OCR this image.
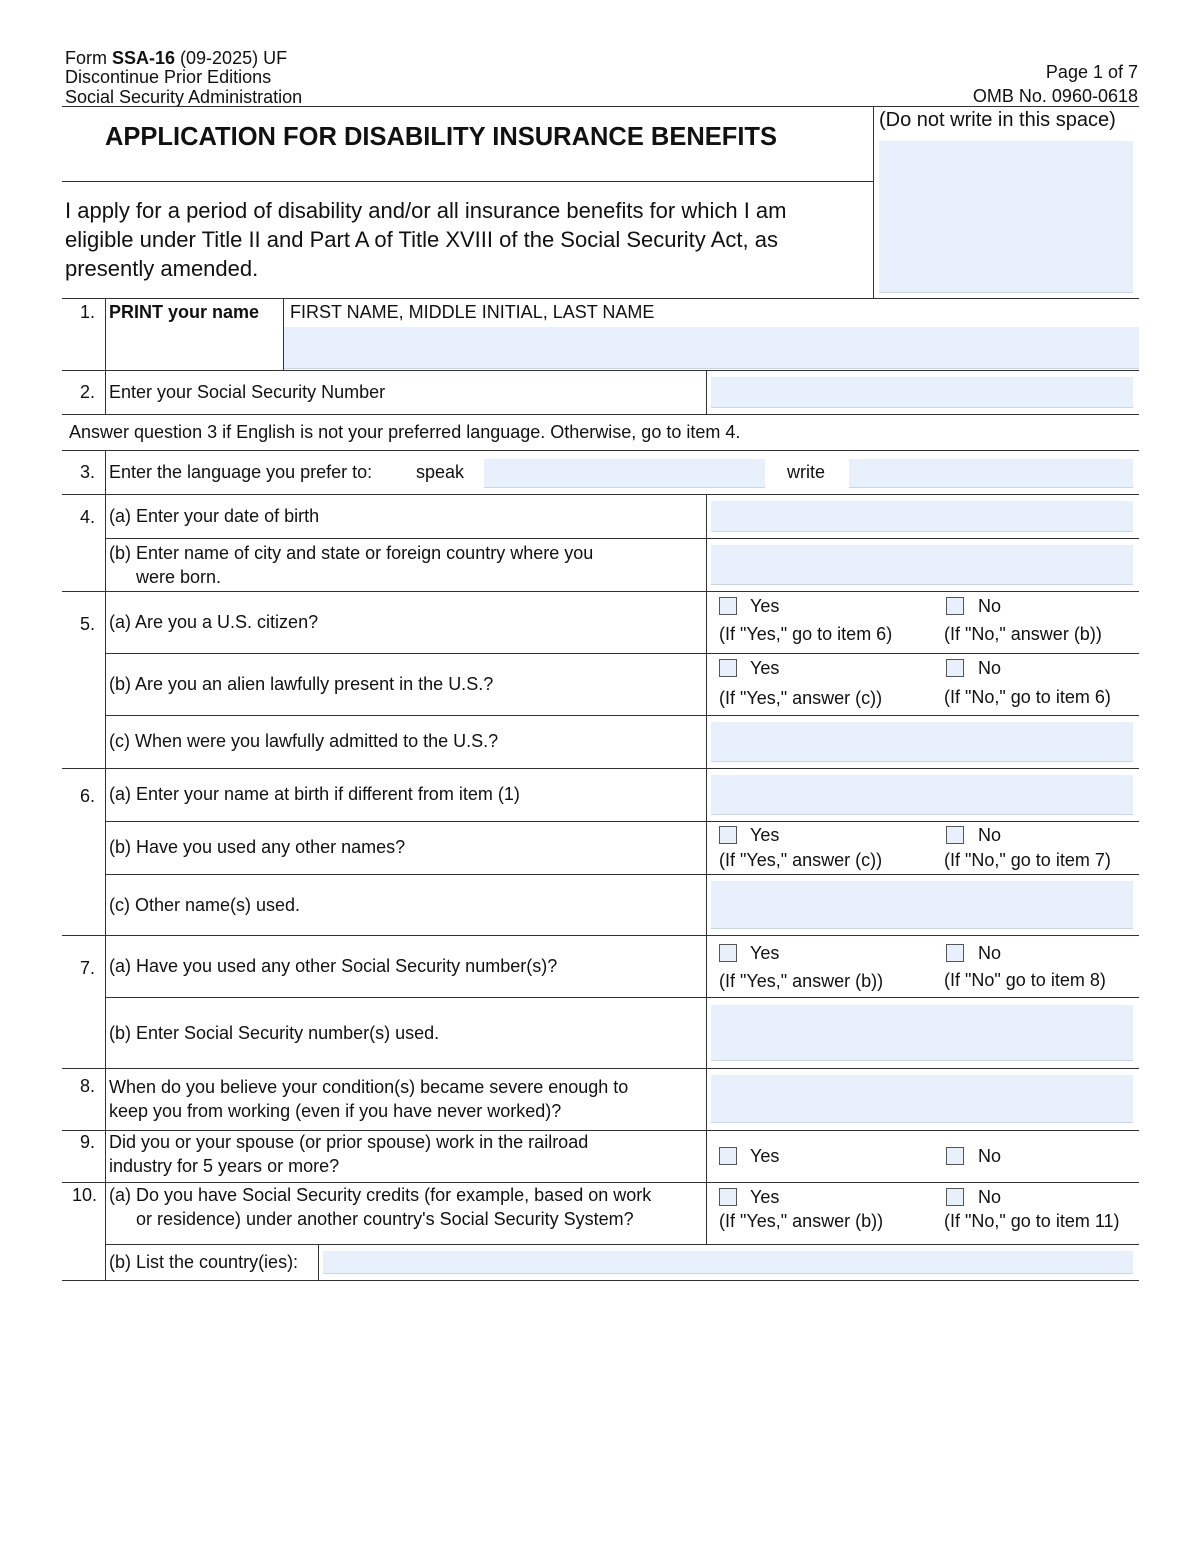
Form SSA-16 (09-2025) UF
Discontinue Prior Editions
Social Security Administration
Page 1 of 7
OMB No. 0960-0618
APPLICATION FOR DISABILITY INSURANCE BENEFITS
(Do not write in this space)
I apply for a period of disability and/or all insurance benefits for which I am eligible under Title II and Part A of Title XVIII of the Social Security Act, as presently amended.
1. PRINT your name FIRST NAME, MIDDLE INITIAL, LAST NAME
2. Enter your Social Security Number
Answer question 3 if English is not your preferred language. Otherwise, go to item 4.
3. Enter the language you prefer to: speak	write
4. (a) Enter your date of birth
(b) Enter name of city and state or foreign country where you
were born.
5. (a) Are you a U.S. citizen?
Yes	No
(If "Yes," go to item 6)	(If "No," answer (b))
(b) Are you an alien lawfully present in the U.S.?
Yes	No
(If "Yes," answer (c))	(If "No," go to item 6)
(c) When were you lawfully admitted to the U.S.?
6. (a) Enter your name at birth if different from item (1)
(b) Have you used any other names?
Yes	No
(If "Yes," answer (c))	(If "No," go to item 7)
(c) Other name(s) used.
7. (a) Have you used any other Social Security number(s)?
Yes	No
(If "Yes," answer (b))	(If "No" go to item 8)
(b) Enter Social Security number(s) used.
8. When do you believe your condition(s) became severe enough to
keep you from working (even if you have never worked)?
9. Did you or your spouse (or prior spouse) work in the railroad
industry for 5 years or more?	Yes	No
10. (a) Do you have Social Security credits (for example, based on work
or residence) under another country's Social Security System?
Yes	No
(If "Yes," answer (b))	(If "No," go to item 11)
(b) List the country(ies):
